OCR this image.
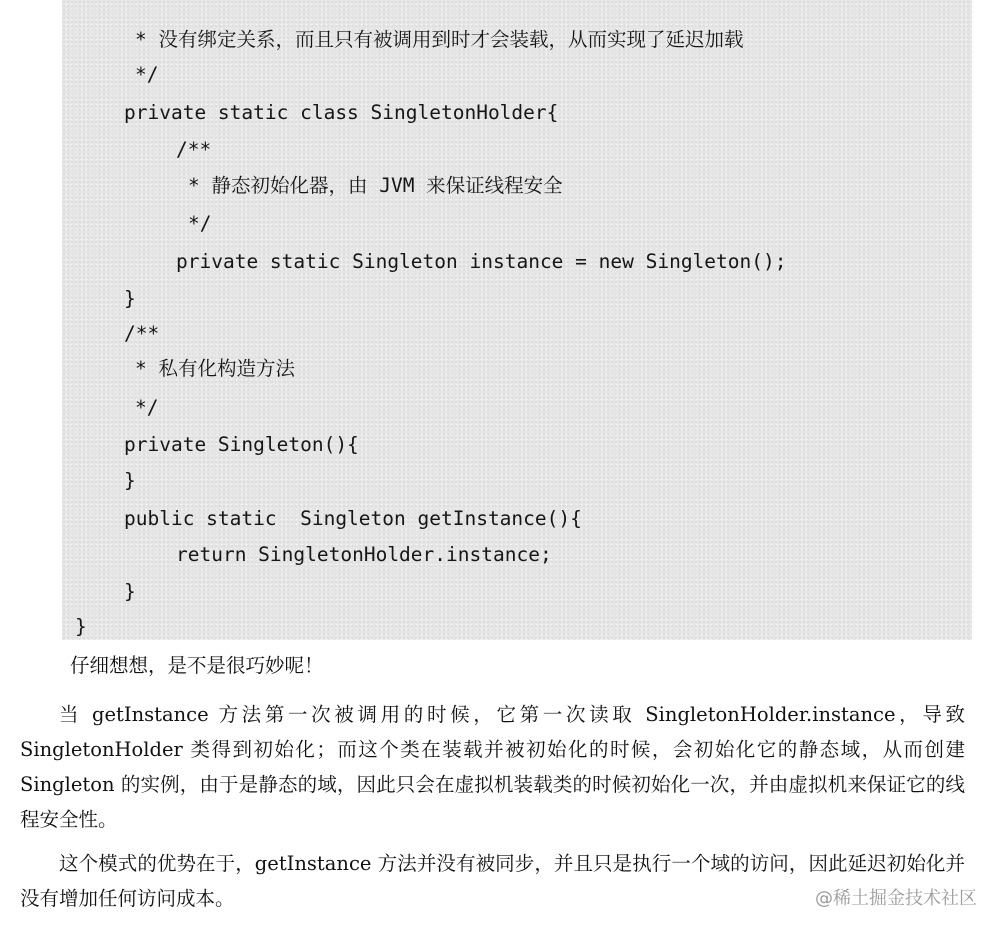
* 没有绑定关系，而且只有被调用到时才会装载，从而实现了延迟加载
*/
private static class SingletonHolder{
/**
* 静态初始化器，由 JVM 来保证线程安全
*/
private static Singleton instance = new Singleton();
}
/**
* 私有化构造方法
*/
private Singleton(){
}
public static  Singleton getInstance(){
return SingletonHolder.instance;
}
}

仔细想想，是不是很巧妙呢！

当 getInstance 方法第一次被调用的时候，它第一次读取 SingletonHolder.instance，导致 SingletonHolder 类得到初始化；而这个类在装载并被初始化的时候，会初始化它的静态域，从而创建 Singleton 的实例，由于是静态的域，因此只会在虚拟机装载类的时候初始化一次，并由虚拟机来保证它的线程安全性。

这个模式的优势在于，getInstance 方法并没有被同步，并且只是执行一个域的访问，因此延迟初始化并没有增加任何访问成本。	@稀土掘金技术社区
